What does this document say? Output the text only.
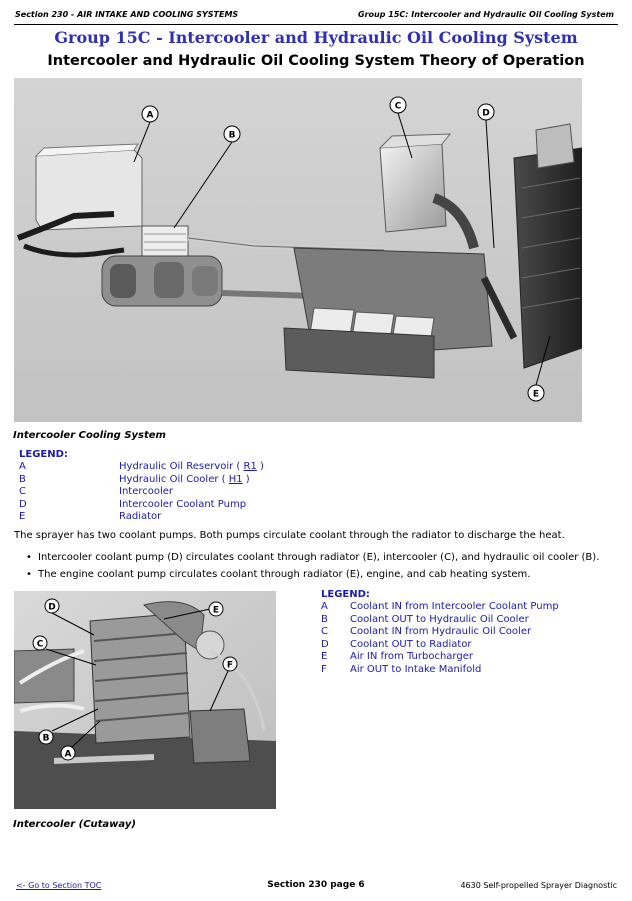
Section 230 - AIR INTAKE AND COOLING SYSTEMS	Group 15C: Intercooler and Hydraulic Oil Cooling System
Group 15C - Intercooler and Hydraulic Oil Cooling System
Intercooler and Hydraulic Oil Cooling System Theory of Operation
A
B
C
D
E
Intercooler Cooling System
LEGEND:
A	Hydraulic Oil Reservoir ( R1 )
B	Hydraulic Oil Cooler ( H1 )
C	Intercooler
D	Intercooler Coolant Pump
E	Radiator
The sprayer has two coolant pumps. Both pumps circulate coolant through the radiator to discharge the heat.
• Intercooler coolant pump (D) circulates coolant through radiator (E), intercooler (C), and hydraulic oil cooler (B).
• The engine coolant pump circulates coolant through radiator (E), engine, and cab heating system.
D	E
C
F
B
A
LEGEND:
A Coolant IN from Intercooler Coolant Pump
B Coolant OUT to Hydraulic Oil Cooler
C Coolant IN from Hydraulic Oil Cooler
D Coolant OUT to Radiator
E Air IN from Turbocharger
F Air OUT to Intake Manifold
Intercooler (Cutaway)
<- Go to Section TOC	Section 230 page 6	4630 Self-propelled Sprayer Diagnostic
